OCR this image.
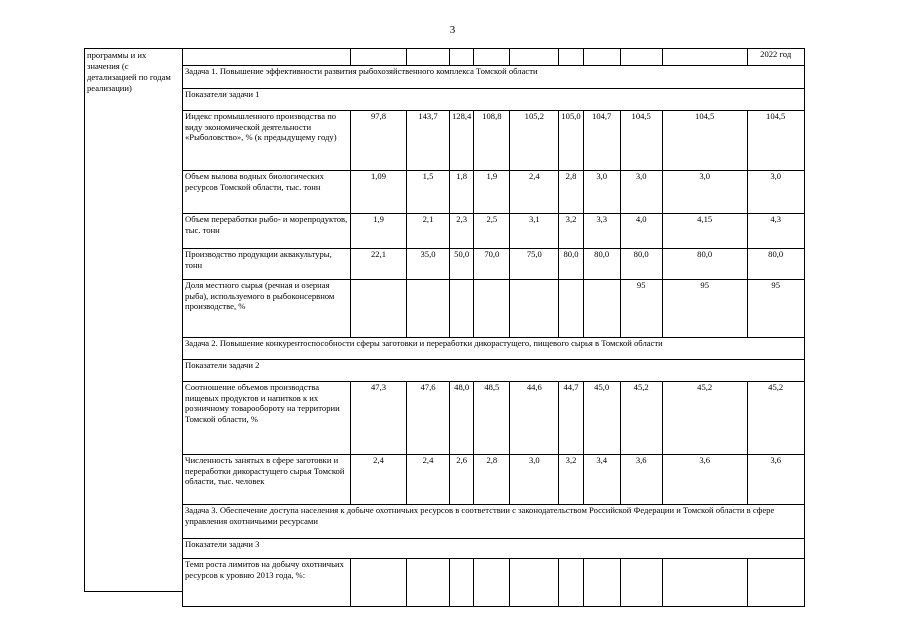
3
программы и их значения (с детализацией по годам реализации)
										2022 год
Задача 1. Повышение эффективности развития рыбохозяйственного комплекса Томской области										
Показатели задачи 1										
Индекс промышленного производства по виду экономической деятельности «Рыболовство», % (к предыдущему году)	97,8	143,7	128,4	108,8	105,2	105,0	104,7	104,5	104,5	104,5
Объем вылова водных биологических ресурсов Томской области, тыс. тонн	1,09	1,5	1,8	1,9	2,4	2,8	3,0	3,0	3,0	3,0
Объем переработки рыбо- и морепродуктов, тыс. тонн	1,9	2,1	2,3	2,5	3,1	3,2	3,3	4,0	4,15	4,3
Производство продукции аквакультуры, тонн	22,1	35,0	50,0	70,0	75,0	80,0	80,0	80,0	80,0	80,0
Доля местного сырья (речная и озерная рыба), используемого в рыбоконсервном производстве, %								95	95	95
Задача 2. Повышение конкурентоспособности сферы заготовки и переработки дикорастущего, пищевого сырья в Томской области										
Показатели задачи 2										
Соотношение объемов производства пищевых продуктов и напитков к их розничному товарообороту на территории Томской области, %	47,3	47,6	48,0	48,5	44,6	44,7	45,0	45,2	45,2	45,2
Численность занятых в сфере заготовки и переработки дикорастущего сырья Томской области, тыс. человек	2,4	2,4	2,6	2,8	3,0	3,2	3,4	3,6	3,6	3,6
Задача 3. Обеспечение доступа населения к добыче охотничьих ресурсов в соответствии с законодательством Российской Федерации и Томской области в сфере управления охотничьими ресурсами										
Показатели задачи 3										
Темп роста лимитов на добычу охотничьих ресурсов к уровню 2013 года, %:										
